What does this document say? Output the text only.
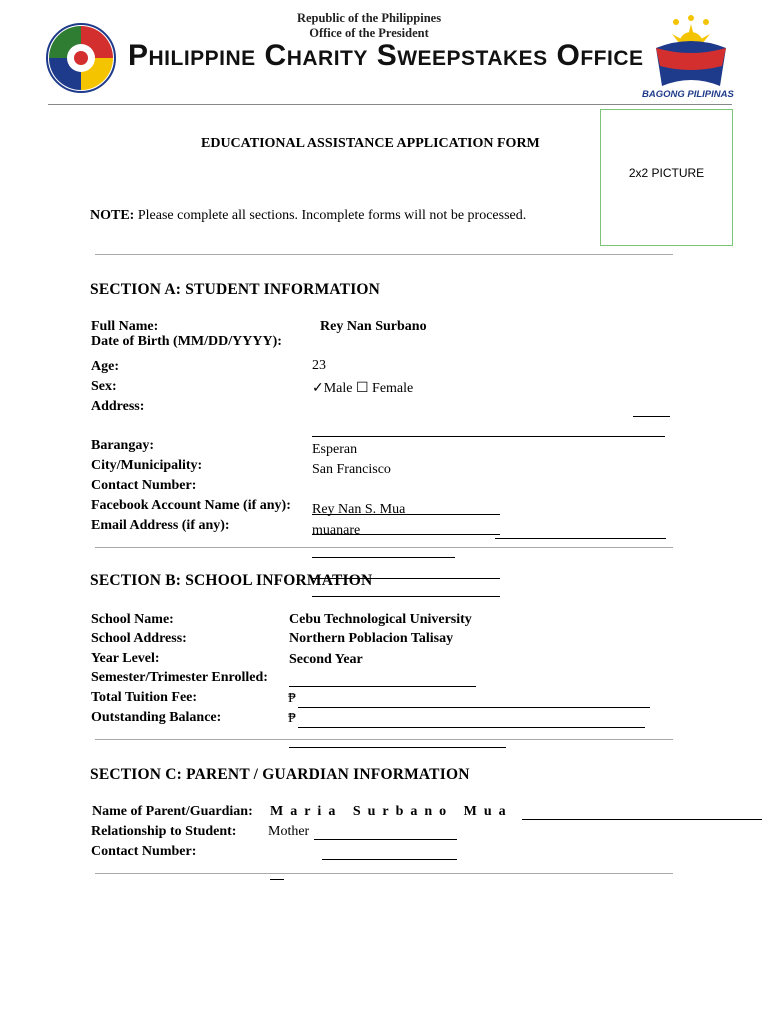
Republic of the Philippines
Office of the President
Philippine Charity Sweepstakes Office
BAGONG PILIPINAS
EDUCATIONAL ASSISTANCE APPLICATION FORM
2x2 PICTURE
NOTE: Please complete all sections. Incomplete forms will not be processed.
SECTION A: STUDENT INFORMATION
Full Name:	Rey Nan Surbano
Date of Birth (MM/DD/YYYY):
Age:	23
Sex:	✓Male ☐ Female
Address:
Barangay:	Esperan
City/Municipality:	San Francisco
Contact Number:
Facebook Account Name (if any): Rey Nan S. Mua
Email Address (if any):	muanare
SECTION B: SCHOOL INFORMATION
School Name:	Cebu Technological University
School Address:	Northern Poblacion Talisay
Year Level:	Second Year
Semester/Trimester Enrolled:
Total Tuition Fee:	₱
Outstanding Balance:	₱
SECTION C: PARENT / GUARDIAN INFORMATION
Name of Parent/Guardian: Maria Surbano Mua
Relationship to Student: Mother
Contact Number:
